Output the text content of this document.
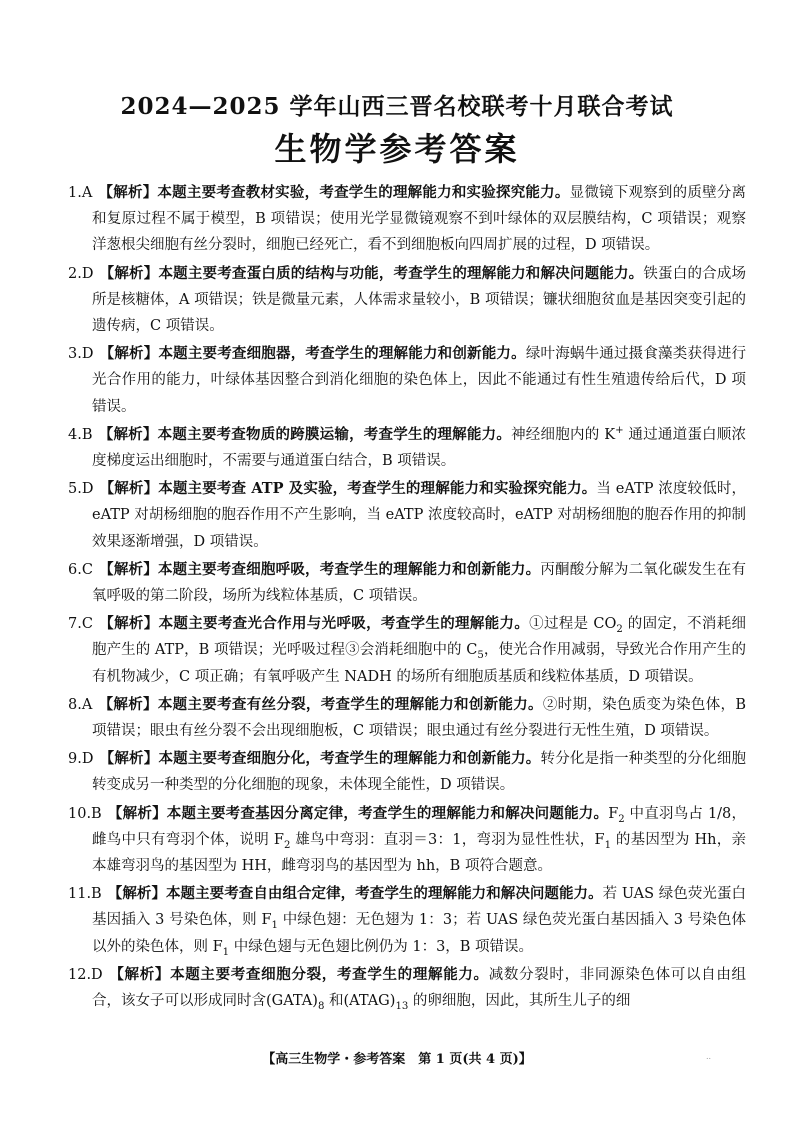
2024—2025 学年山西三晋名校联考十月联合考试
生物学参考答案

1.A 【解析】本题主要考查教材实验，考查学生的理解能力和实验探究能力。显微镜下观察到的质壁分离和复原过程不属于模型，B 项错误；使用光学显微镜观察不到叶绿体的双层膜结构，C 项错误；观察洋葱根尖细胞有丝分裂时，细胞已经死亡，看不到细胞板向四周扩展的过程，D 项错误。

2.D 【解析】本题主要考查蛋白质的结构与功能，考查学生的理解能力和解决问题能力。铁蛋白的合成场所是核糖体，A 项错误；铁是微量元素，人体需求量较小，B 项错误；镰状细胞贫血是基因突变引起的遗传病，C 项错误。

3.D 【解析】本题主要考查细胞器，考查学生的理解能力和创新能力。绿叶海蜗牛通过摄食藻类获得进行光合作用的能力，叶绿体基因整合到消化细胞的染色体上，因此不能通过有性生殖遗传给后代，D 项错误。

4.B 【解析】本题主要考查物质的跨膜运输，考查学生的理解能力。神经细胞内的 K+ 通过通道蛋白顺浓度梯度运出细胞时，不需要与通道蛋白结合，B 项错误。

5.D 【解析】本题主要考查 ATP 及实验，考查学生的理解能力和实验探究能力。当 eATP 浓度较低时，eATP 对胡杨细胞的胞吞作用不产生影响，当 eATP 浓度较高时，eATP 对胡杨细胞的胞吞作用的抑制效果逐渐增强，D 项错误。

6.C 【解析】本题主要考查细胞呼吸，考查学生的理解能力和创新能力。丙酮酸分解为二氧化碳发生在有氧呼吸的第二阶段，场所为线粒体基质，C 项错误。

7.C 【解析】本题主要考查光合作用与光呼吸，考查学生的理解能力。①过程是 $CO_2$ 的固定，不消耗细胞产生的 ATP，B 项错误；光呼吸过程③会消耗细胞中的 $C_5$，使光合作用减弱，导致光合作用产生的有机物减少，C 项正确；有氧呼吸产生 NADH 的场所有细胞质基质和线粒体基质，D 项错误。

8.A 【解析】本题主要考查有丝分裂，考查学生的理解能力和创新能力。②时期，染色质变为染色体，B 项错误；眼虫有丝分裂不会出现细胞板，C 项错误；眼虫通过有丝分裂进行无性生殖，D 项错误。

9.D 【解析】本题主要考查细胞分化，考查学生的理解能力和创新能力。转分化是指一种类型的分化细胞转变成另一种类型的分化细胞的现象，未体现全能性，D 项错误。

10.B 【解析】本题主要考查基因分离定律，考查学生的理解能力和解决问题能力。$F_2$ 中直羽鸟占 1/8，雌鸟中只有弯羽个体，说明 $F_2$ 雄鸟中弯羽：直羽＝3：1，弯羽为显性性状，$F_1$ 的基因型为 Hh，亲本雄弯羽鸟的基因型为 HH，雌弯羽鸟的基因型为 hh，B 项符合题意。

11.B 【解析】本题主要考查自由组合定律，考查学生的理解能力和解决问题能力。若 UAS 绿色荧光蛋白基因插入 3 号染色体，则 $F_1$ 中绿色翅：无色翅为 1：3；若 UAS 绿色荧光蛋白基因插入 3 号染色体以外的染色体，则 $F_1$ 中绿色翅与无色翅比例仍为 1：3，B 项错误。

12.D 【解析】本题主要考查细胞分裂，考查学生的理解能力。减数分裂时，非同源染色体可以自由组合，该女子可以形成同时含$(GATA)_8$ 和$(ATAG)_{13}$ 的卵细胞，因此，其所生儿子的细

【高三生物学・参考答案　第 1 页(共 4 页)】	..
